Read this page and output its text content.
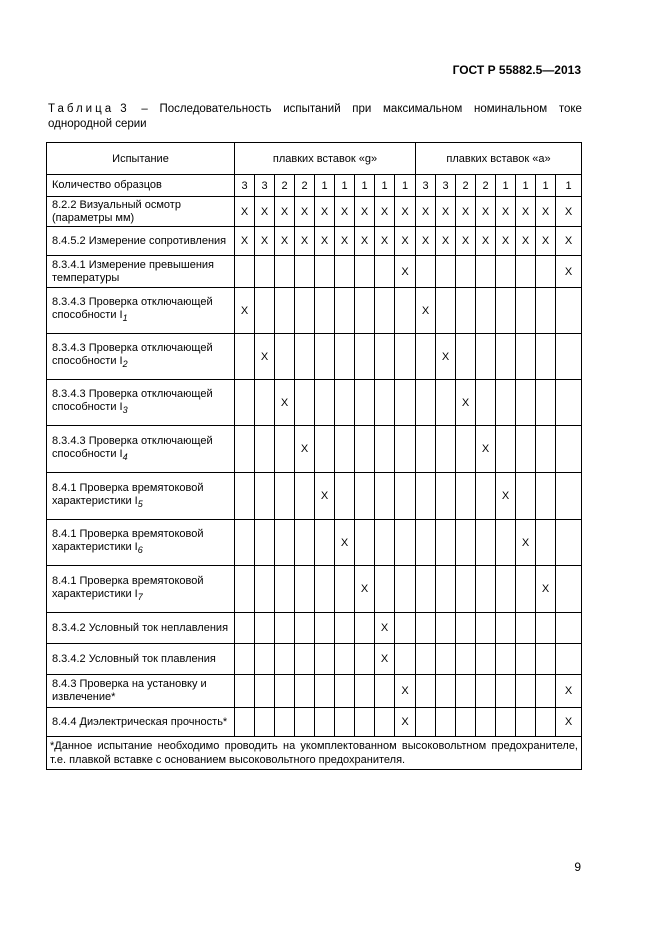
ГОСТ Р 55882.5—2013
Таблица 3 – Последовательность испытаний при максимальном номинальном токе
однородной серии
Испытание	плавких вставок «g»									плавких вставок «a»							
Количество образцов	3	3	2	2	1	1	1	1	1	3	3	2	2	1	1	1	1
8.2.2 Визуальный осмотр
(параметры мм)	X	X	X	X	X	X	X	X	X	X	X	X	X	X	X	X	X
8.4.5.2 Измерение сопротивления	X	X	X	X	X	X	X	X	X	X	X	X	X	X	X	X	X
8.3.4.1 Измерение превышения
температуры									X								X
8.3.4.3 Проверка отключающей
способности $I_1$	X									X							
8.3.4.3 Проверка отключающей
способности $I_2$		X									X						
8.3.4.3 Проверка отключающей
способности $I_3$			X									X					
8.3.4.3 Проверка отключающей
способности $I_4$				X									X				
8.4.1 Проверка времятоковой
характеристики $I_5$					X									X			
8.4.1 Проверка времятоковой
характеристики $I_6$						X									X		
8.4.1 Проверка времятоковой
характеристики $I_7$							X									X	
8.3.4.2 Условный ток неплавления								X									
8.3.4.2 Условный ток плавления								X									
8.4.3 Проверка на установку и
извлечение*									X								X
8.4.4 Диэлектрическая прочность*									X								X
*Данное испытание необходимо проводить на укомплектованном высоковольтном предохранителе, т.е. плавкой вставке с основанием высоковольтного предохранителя.																	
9
